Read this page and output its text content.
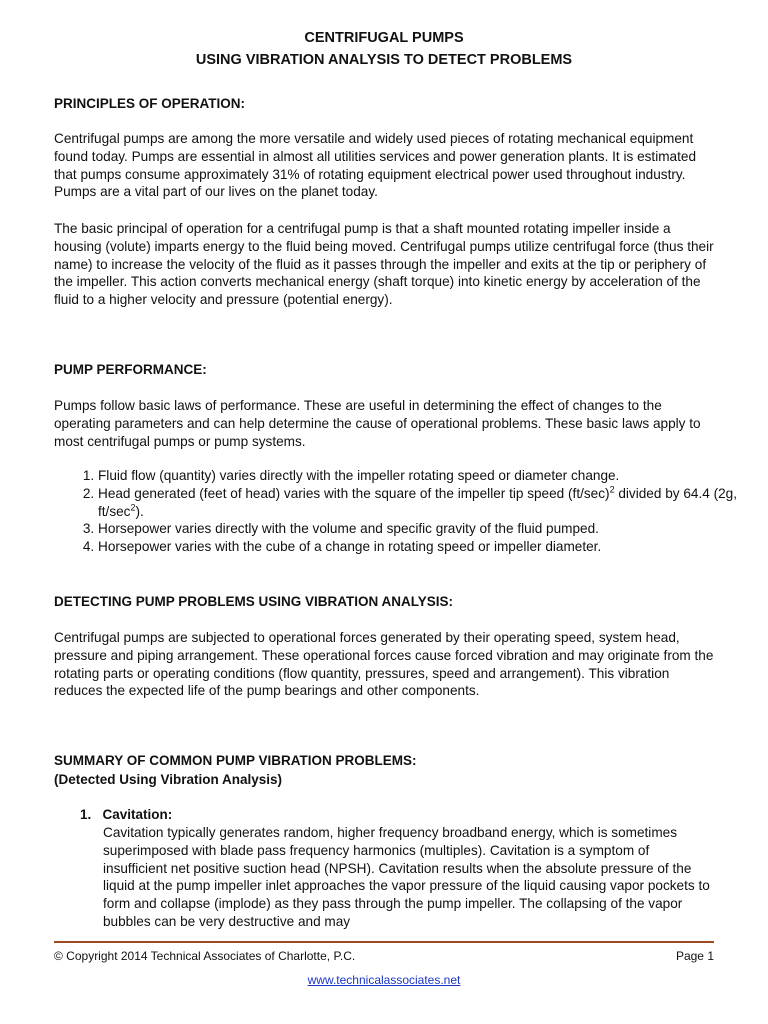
CENTRIFUGAL PUMPS
USING VIBRATION ANALYSIS TO DETECT PROBLEMS
PRINCIPLES OF OPERATION:

Centrifugal pumps are among the more versatile and widely used pieces of rotating mechanical equipment found today. Pumps are essential in almost all utilities services and power generation plants. It is estimated that pumps consume approximately 31% of rotating equipment electrical power used throughout industry. Pumps are a vital part of our lives on the planet today.

The basic principal of operation for a centrifugal pump is that a shaft mounted rotating impeller inside a housing (volute) imparts energy to the fluid being moved. Centrifugal pumps utilize centrifugal force (thus their name) to increase the velocity of the fluid as it passes through the impeller and exits at the tip or periphery of the impeller. This action converts mechanical energy (shaft torque) into kinetic energy by acceleration of the fluid to a higher velocity and pressure (potential energy).

PUMP PERFORMANCE:

Pumps follow basic laws of performance. These are useful in determining the effect of changes to the operating parameters and can help determine the cause of operational problems. These basic laws apply to most centrifugal pumps or pump systems.

1. Fluid flow (quantity) varies directly with the impeller rotating speed or diameter change.
2. Head generated (feet of head) varies with the square of the impeller tip speed $(ft/\sec)^2$ divided by 64.4 (2g, $ft/\sec^2$).
3. Horsepower varies directly with the volume and specific gravity of the fluid pumped.
4. Horsepower varies with the cube of a change in rotating speed or impeller diameter.
DETECTING PUMP PROBLEMS USING VIBRATION ANALYSIS:

Centrifugal pumps are subjected to operational forces generated by their operating speed, system head, pressure and piping arrangement. These operational forces cause forced vibration and may originate from the rotating parts or operating conditions (flow quantity, pressures, speed and arrangement). This vibration reduces the expected life of the pump bearings and other components.

SUMMARY OF COMMON PUMP VIBRATION PROBLEMS:
(Detected Using Vibration Analysis)
1. Cavitation:

Cavitation typically generates random, higher frequency broadband energy, which is sometimes superimposed with blade pass frequency harmonics (multiples). Cavitation is a symptom of insufficient net positive suction head (NPSH). Cavitation results when the absolute pressure of the liquid at the pump impeller inlet approaches the vapor pressure of the liquid causing vapor pockets to form and collapse (implode) as they pass through the pump impeller. The collapsing of the vapor bubbles can be very destructive and may

© Copyright 2014 Technical Associates of Charlotte, P.C.	Page 1
www.technicalassociates.net
